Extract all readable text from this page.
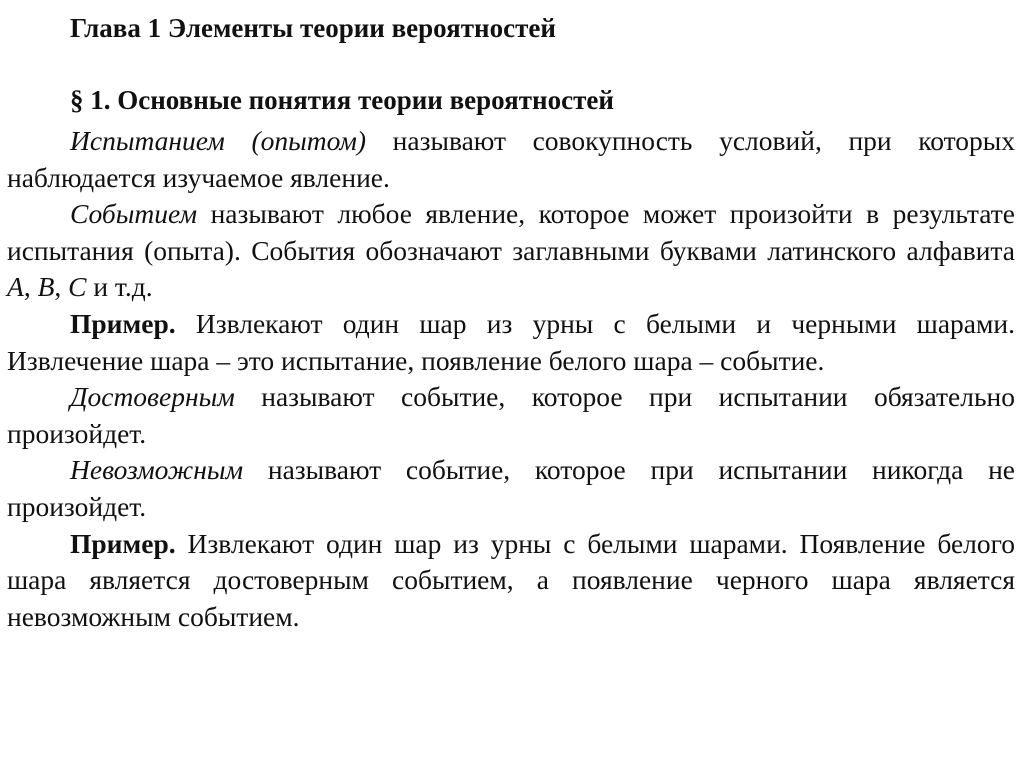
Глава 1 Элементы теории вероятностей
§ 1. Основные понятия теории вероятностей

Испытанием (опытом) называют совокупность условий, при которых наблюдается изучаемое явление.

Событием называют любое явление, которое может произойти в результате испытания (опыта). События обозначают заглавными буквами латинского алфавита A, B, C и т.д.

Пример. Извлекают один шар из урны с белыми и черными шарами. Извлечение шара – это испытание, появление белого шара – событие.

Достоверным называют событие, которое при испытании обязательно произойдет.

Невозможным называют событие, которое при испытании никогда не произойдет.

Пример. Извлекают один шар из урны с белыми шарами. Появление белого шара является достоверным событием, а появление черного шара является невозможным событием.
